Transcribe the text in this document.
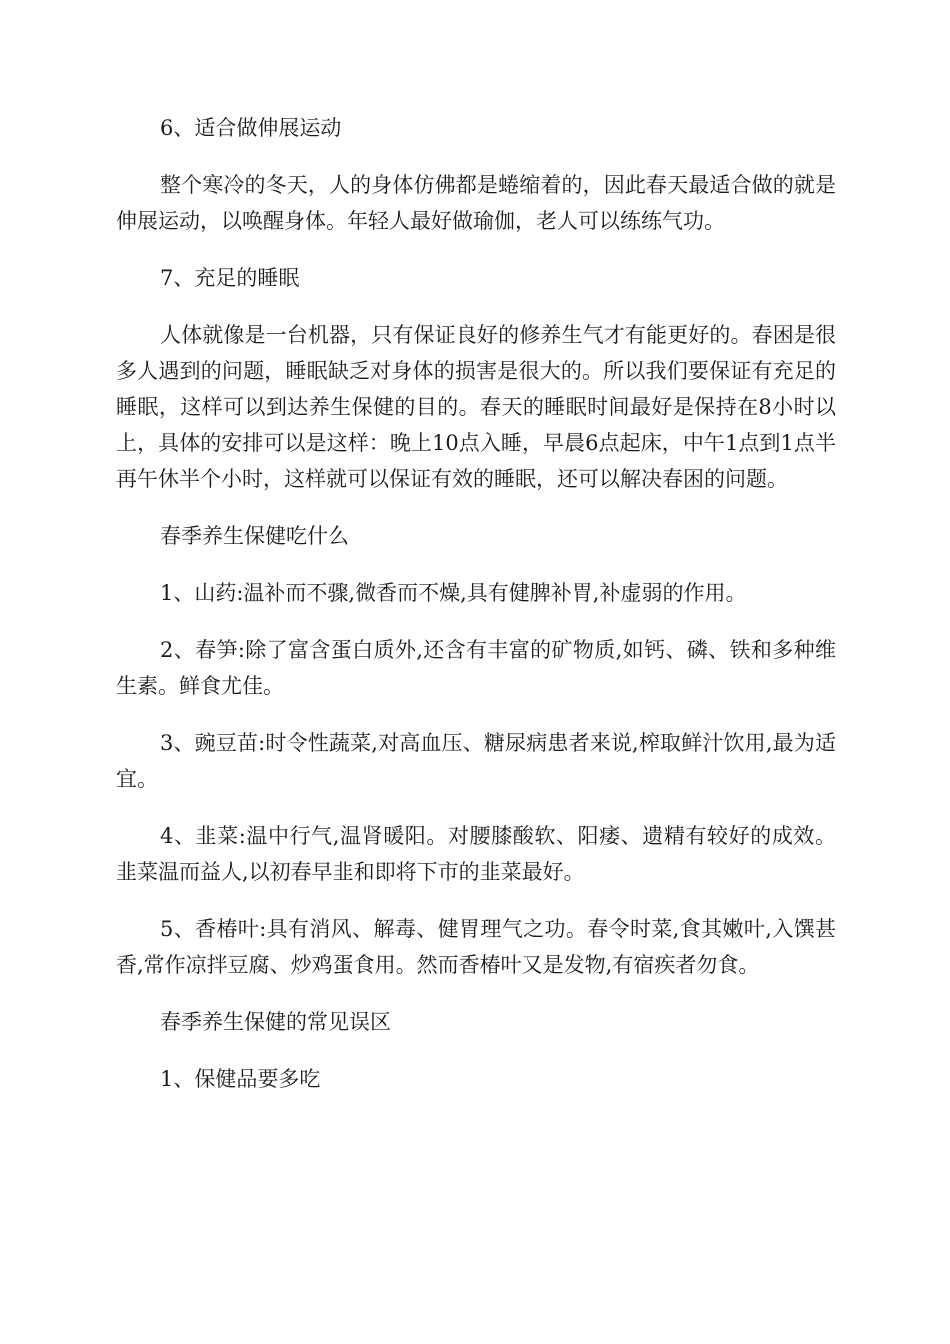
6、适合做伸展运动

整个寒冷的冬天，人的身体仿佛都是蜷缩着的，因此春天最适合做的就是伸展运动，以唤醒身体。年轻人最好做瑜伽，老人可以练练气功。

7、充足的睡眠

人体就像是一台机器，只有保证良好的修养生气才有能更好的。春困是很多人遇到的问题，睡眠缺乏对身体的损害是很大的。所以我们要保证有充足的睡眠，这样可以到达养生保健的目的。春天的睡眠时间最好是保持在8小时以上，具体的安排可以是这样：晚上10点入睡，早晨6点起床，中午1点到1点半再午休半个小时，这样就可以保证有效的睡眠，还可以解决春困的问题。

春季养生保健吃什么

1、山药:温补而不骤,微香而不燥,具有健脾补胃,补虚弱的作用。

2、春笋:除了富含蛋白质外,还含有丰富的矿物质,如钙、磷、铁和多种维生素。鲜食尤佳。

3、豌豆苗:时令性蔬菜,对高血压、糖尿病患者来说,榨取鲜汁饮用,最为适宜。

4、韭菜:温中行气,温肾暖阳。对腰膝酸软、阳痿、遗精有较好的成效。韭菜温而益人,以初春早韭和即将下市的韭菜最好。

5、香椿叶:具有消风、解毒、健胃理气之功。春令时菜,食其嫩叶,入馔甚香,常作凉拌豆腐、炒鸡蛋食用。然而香椿叶又是发物,有宿疾者勿食。

春季养生保健的常见误区

1、保健品要多吃
